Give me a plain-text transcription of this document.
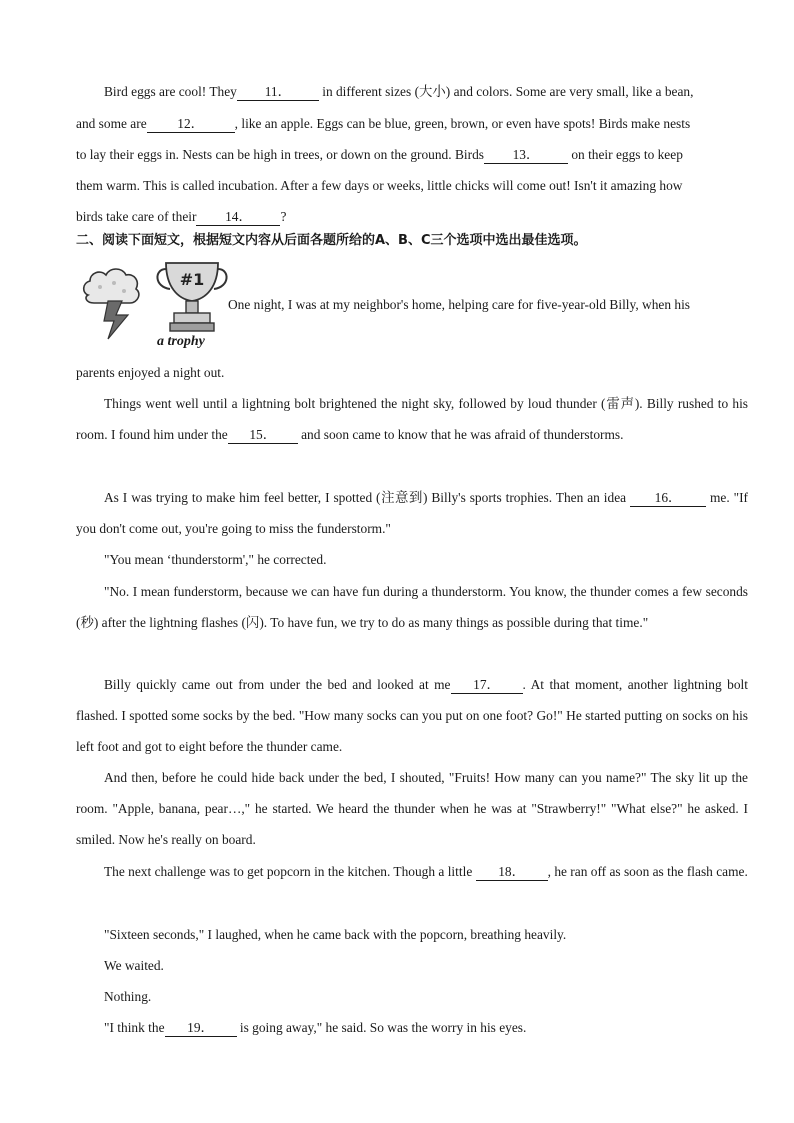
Bird eggs are cool! They 11． in different sizes (大小) and colors. Some are very small, like a bean,

and some are 12． , like an apple. Eggs can be blue, green, brown, or even have spots! Birds make nests

to lay their eggs in. Nests can be high in trees, or down on the ground. Birds 13． on their eggs to keep

them warm. This is called incubation. After a few days or weeks, little chicks will come out! Isn't it amazing how

birds take care of their 14． ?

二、阅读下面短文，根据短文内容从后面各题所给的A、B、C三个选项中选出最佳选项。

#1
a trophy

One night, I was at my neighbor's home, helping care for five-year-old Billy, when his

parents enjoyed a night out.

Things went well until a lightning bolt brightened the night sky, followed by loud thunder (雷声). Billy rushed to his room. I found him under the 15． and soon came to know that he was afraid of thunderstorms.

As I was trying to make him feel better, I spotted (注意到) Billy's sports trophies. Then an idea 16． me. "If you don't come out, you're going to miss the funderstorm."

"You mean ‘thunderstorm'," he corrected.

"No. I mean funderstorm, because we can have fun during a thunderstorm. You know, the thunder comes a few seconds (秒) after the lightning flashes (闪). To have fun, we try to do as many things as possible during that time."

Billy quickly came out from under the bed and looked at me 17． . At that moment, another lightning bolt flashed. I spotted some socks by the bed. "How many socks can you put on one foot? Go!" He started putting on socks on his left foot and got to eight before the thunder came.

And then, before he could hide back under the bed, I shouted, "Fruits! How many can you name?" The sky lit up the room. "Apple, banana, pear…," he started. We heard the thunder when he was at "Strawberry!" "What else?" he asked. I smiled. Now he's really on board.

The next challenge was to get popcorn in the kitchen. Though a little 18． , he ran off as soon as the flash came.

"Sixteen seconds," I laughed, when he came back with the popcorn, breathing heavily.

We waited.

Nothing.

"I think the 19． is going away," he said. So was the worry in his eyes.
